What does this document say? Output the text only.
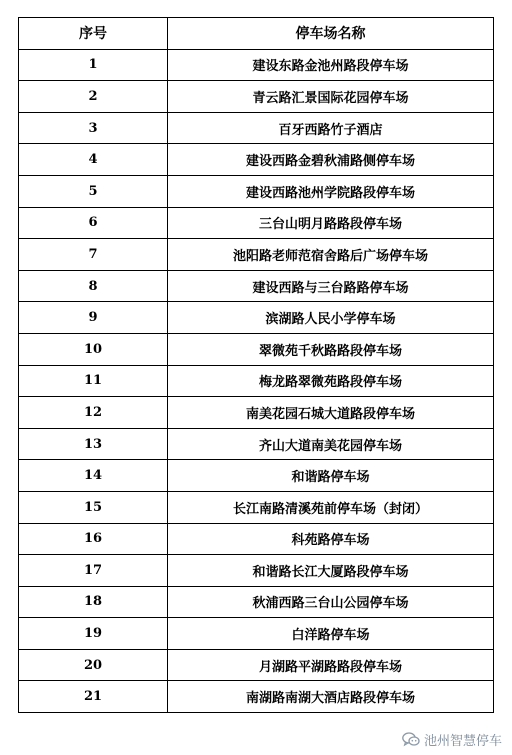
序号	停车场名称
1	建设东路金池州路段停车场
2	青云路汇景国际花园停车场
3	百牙西路竹子酒店
4	建设西路金碧秋浦路侧停车场
5	建设西路池州学院路段停车场
6	三台山明月路路段停车场
7	池阳路老师范宿舍路后广场停车场
8	建设西路与三台路路停车场
9	滨湖路人民小学停车场
10	翠微苑千秋路路段停车场
11	梅龙路翠微苑路段停车场
12	南美花园石城大道路段停车场
13	齐山大道南美花园停车场
14	和谐路停车场
15	长江南路清溪苑前停车场（封闭）
16	科苑路停车场
17	和谐路长江大厦路段停车场
18	秋浦西路三台山公园停车场
19	白洋路停车场
20	月湖路平湖路路段停车场
21	南湖路南湖大酒店路段停车场
池州智慧停车
